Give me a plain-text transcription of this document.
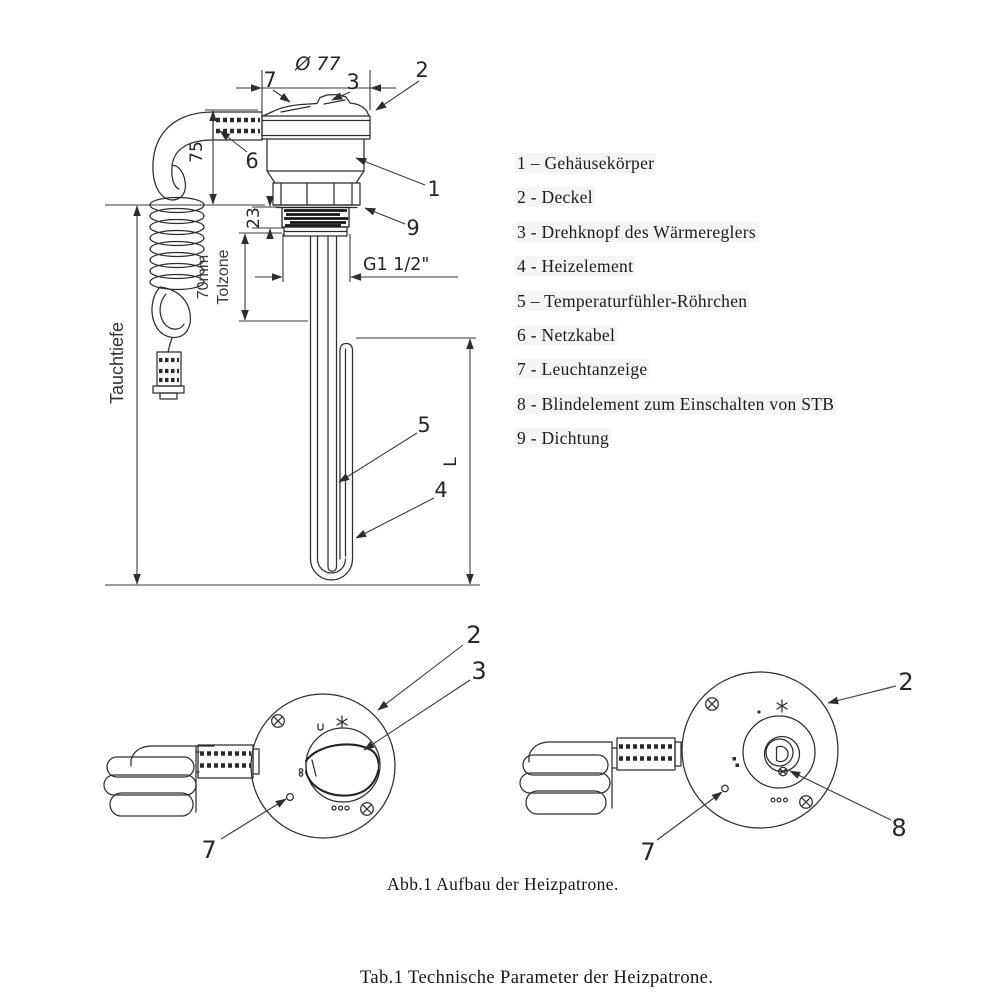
Ø 77
75
23
70mm Tolzone
Tauchtiefe
L
G1 1/2"
7	3	2
6
1
9
5
4
2
3
7
2
8
7
1 – Gehäusekörper
2 - Deckel
3 - Drehknopf des Wärmereglers
4 - Heizelement
5 – Temperaturfühler-Röhrchen
6 - Netzkabel
7 - Leuchtanzeige
8 - Blindelement zum Einschalten von STB
9 - Dichtung
Abb.1 Aufbau der Heizpatrone.
Tab.1 Technische Parameter der Heizpatrone.
